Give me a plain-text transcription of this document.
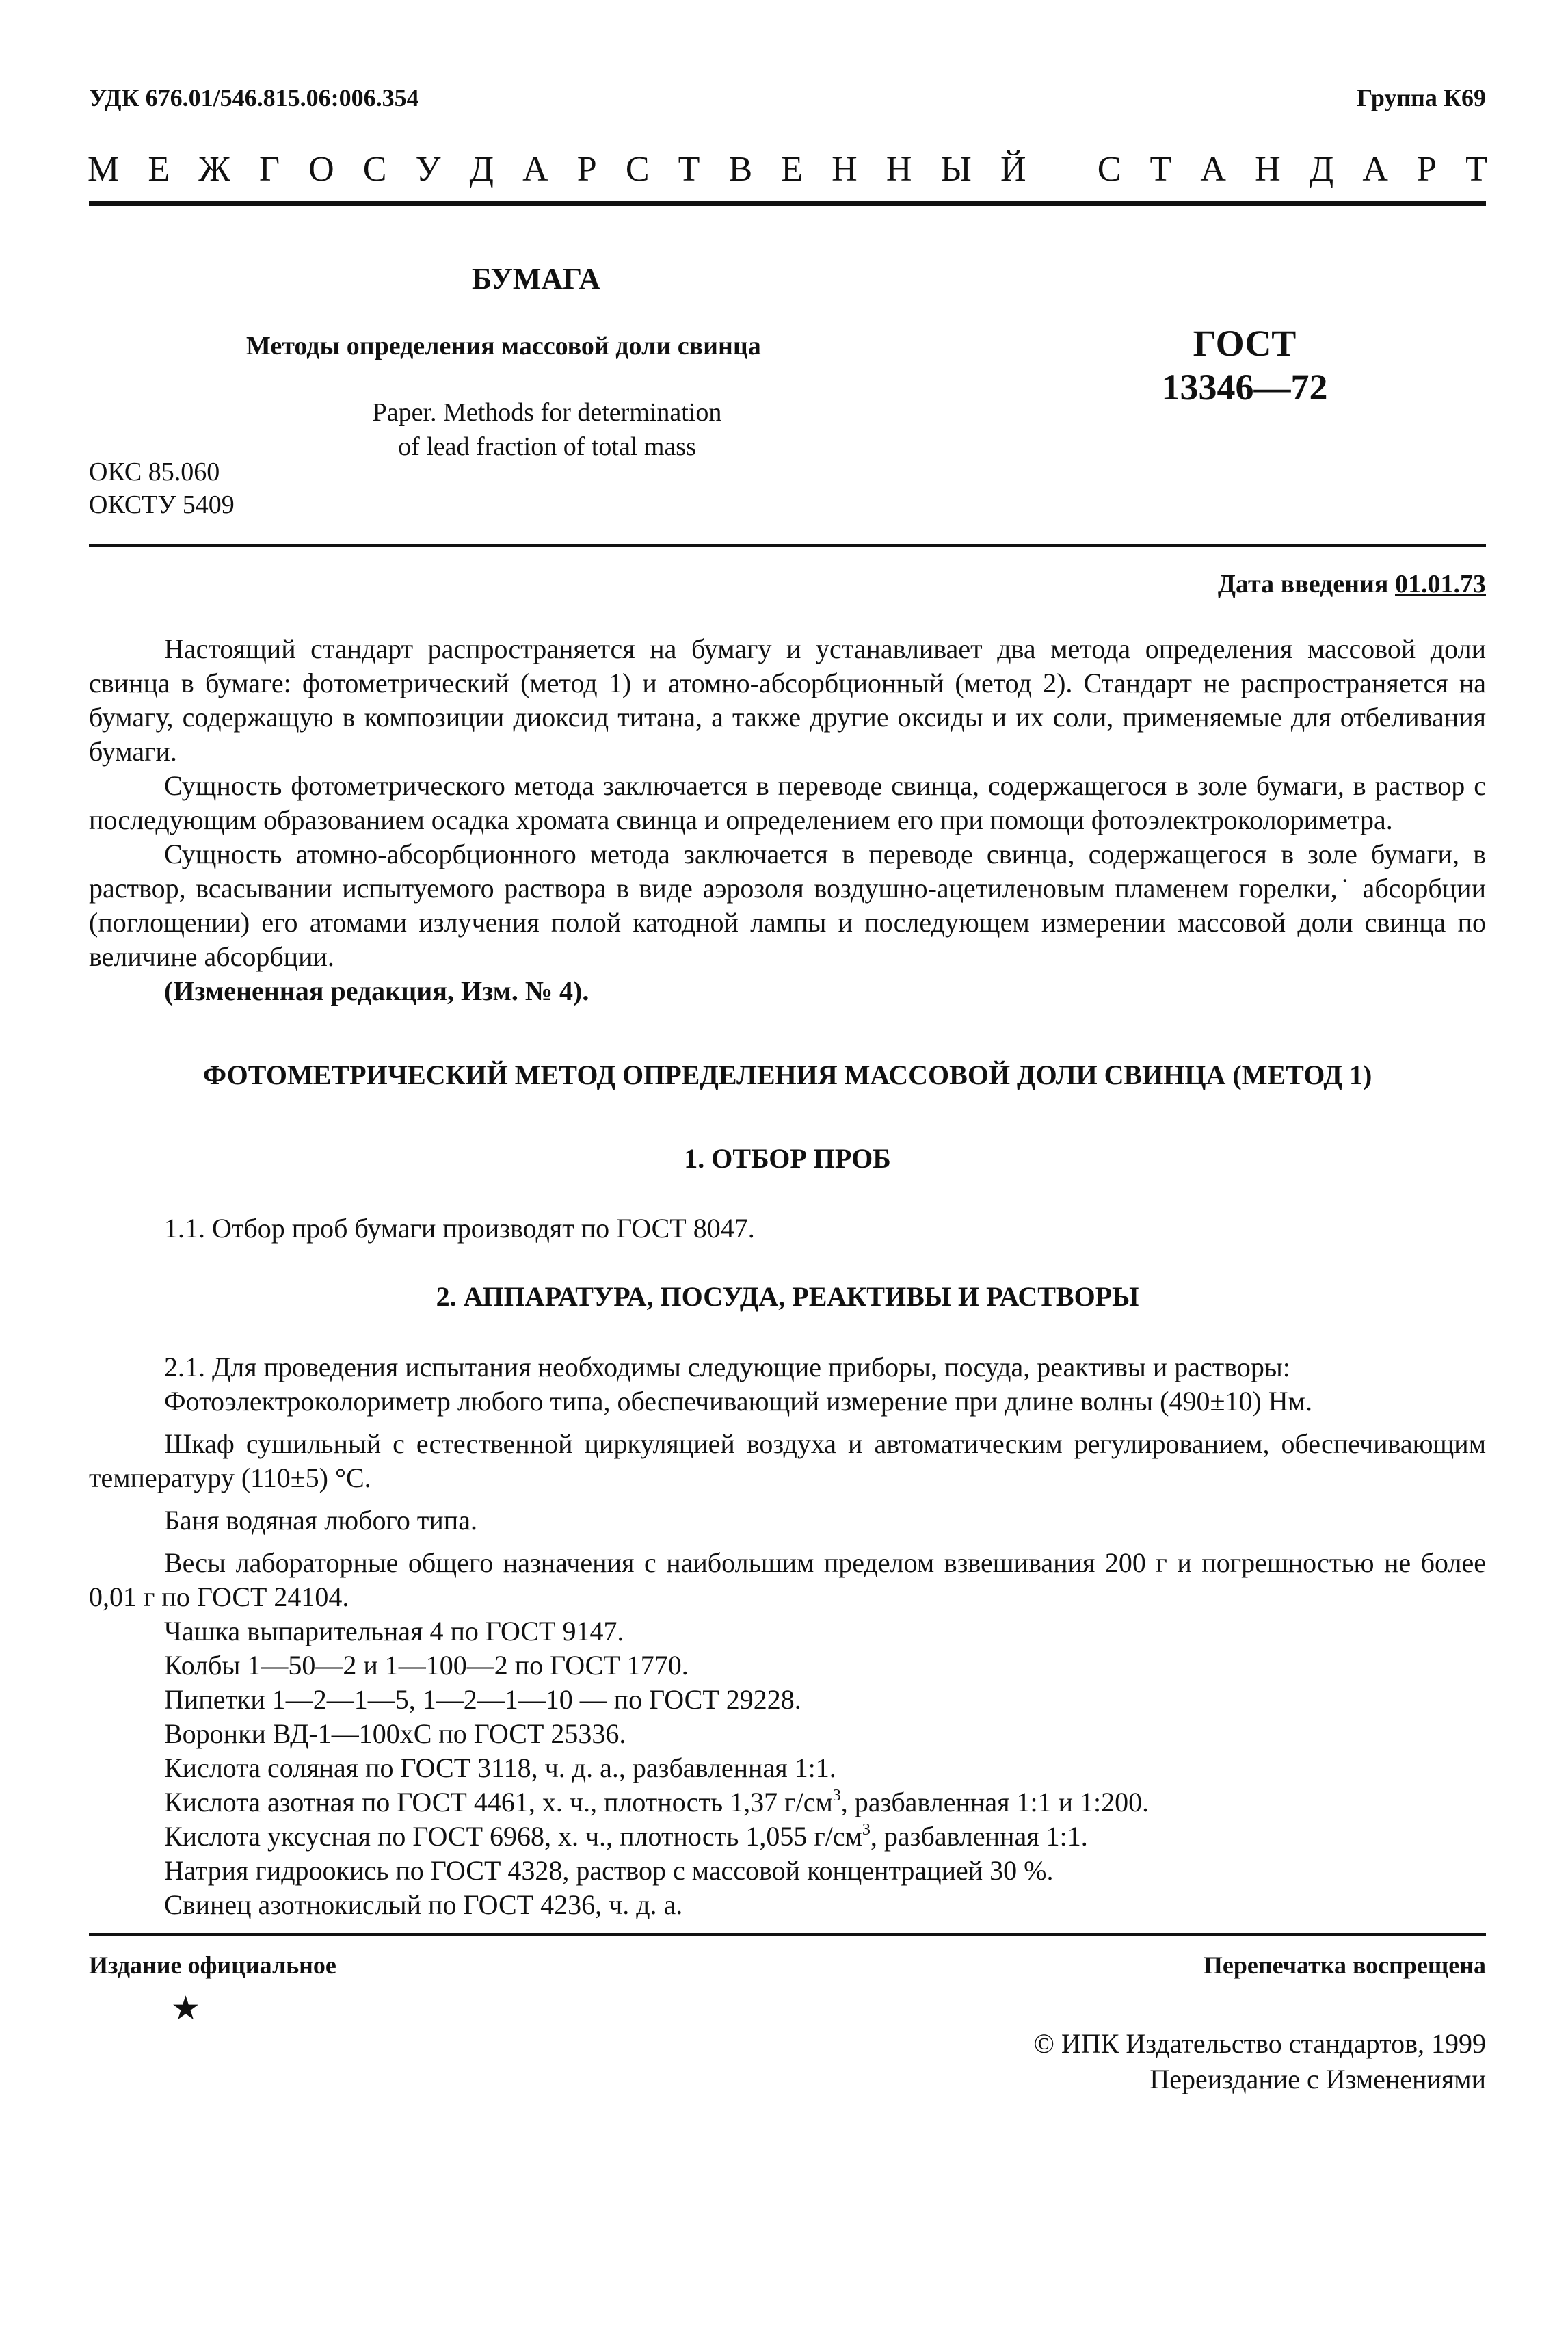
УДК 676.01/546.815.06:006.354	Группа К69
М Е Ж Г О С У Д А Р С Т В Е Н Н Ы Й С Т А Н Д А Р Т
БУМАГА
Методы определения массовой доли свинца
Paper. Methods for determination
of lead fraction of total mass
ГОСТ
13346—72
ОКС 85.060
ОКСТУ 5409
Дата введения 01.01.73

Настоящий стандарт распространяется на бумагу и устанавливает два метода определения массовой доли свинца в бумаге: фотометрический (метод 1) и атомно-абсорбционный (метод 2). Стандарт не распространяется на бумагу, содержащую в композиции диоксид титана, а также другие оксиды и их соли, применяемые для отбеливания бумаги.

Сущность фотометрического метода заключается в переводе свинца, содержащегося в золе бумаги, в раствор с последующим образованием осадка хромата свинца и определением его при помощи фотоэлектроколориметра.

Сущность атомно-абсорбционного метода заключается в переводе свинца, содержащегося в золе бумаги, в раствор, всасывании испытуемого раствора в виде аэрозоля воздушно-ацетиленовым пламенем горелки,˙ абсорбции (поглощении) его атомами излучения полой катодной лампы и последующем измерении массовой доли свинца по величине абсорбции.

(Измененная редакция, Изм. № 4).

ФОТОМЕТРИЧЕСКИЙ МЕТОД ОПРЕДЕЛЕНИЯ МАССОВОЙ ДОЛИ СВИНЦА (МЕТОД 1)
1. ОТБОР ПРОБ
1.1. Отбор проб бумаги производят по ГОСТ 8047.
2. АППАРАТУРА, ПОСУДА, РЕАКТИВЫ И РАСТВОРЫ

2.1. Для проведения испытания необходимы следующие приборы, посуда, реактивы и растворы:

Фотоэлектроколориметр любого типа, обеспечивающий измерение при длине волны (490±10) Нм.

Шкаф сушильный с естественной циркуляцией воздуха и автоматическим регулированием, обеспечивающим температуру (110±5) °С.

Баня водяная любого типа.

Весы лабораторные общего назначения с наибольшим пределом взвешивания 200 г и погрешностью не более 0,01 г по ГОСТ 24104.

Чашка выпарительная 4 по ГОСТ 9147.

Колбы 1—50—2 и 1—100—2 по ГОСТ 1770.

Пипетки 1—2—1—5, 1—2—1—10 — по ГОСТ 29228.

Воронки ВД-1—100хС по ГОСТ 25336.

Кислота соляная по ГОСТ 3118, ч. д. а., разбавленная 1:1.

Кислота азотная по ГОСТ 4461, х. ч., плотность 1,37 $г/см^3$, разбавленная 1:1 и 1:200.

Кислота уксусная по ГОСТ 6968, х. ч., плотность 1,055 $г/см^3$, разбавленная 1:1.

Натрия гидроокись по ГОСТ 4328, раствор с массовой концентрацией 30 %.

Свинец азотнокислый по ГОСТ 4236, ч. д. а.

Издание официальное	Перепечатка воспрещена
★
© ИПК Издательство стандартов, 1999
Переиздание с Изменениями
